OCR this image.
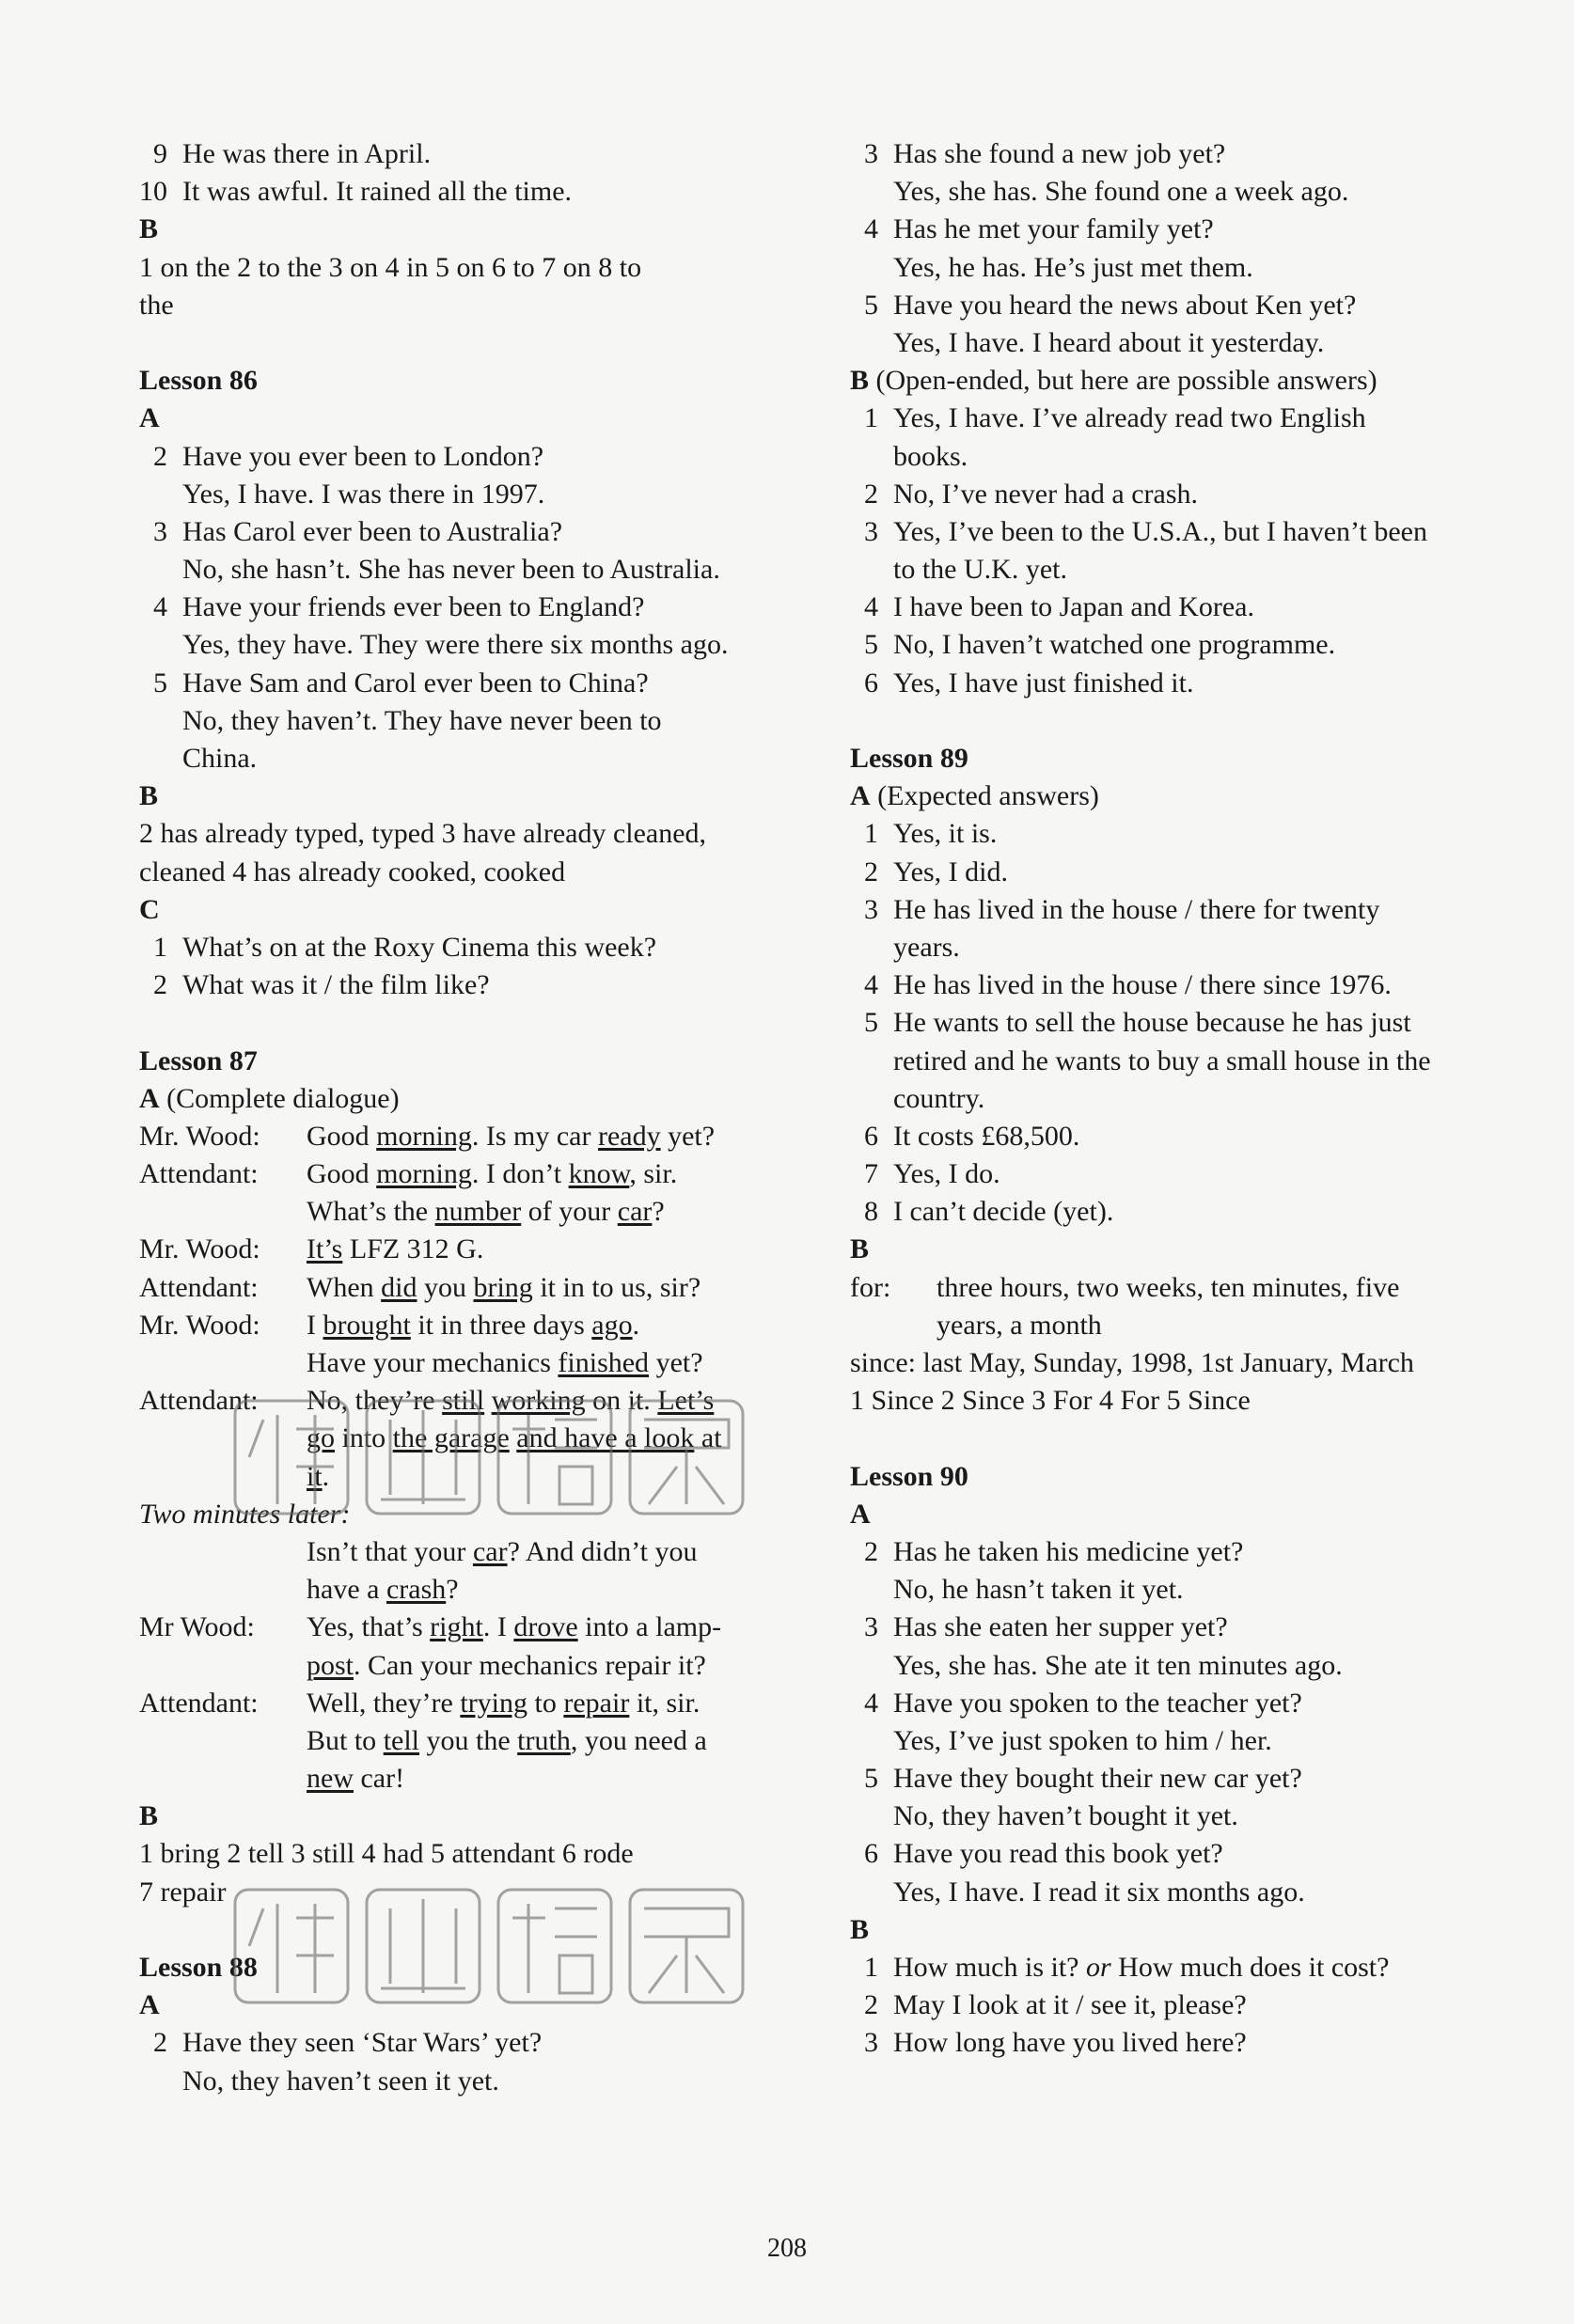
9 He was there in April.
10 It was awful. It rained all the time.
B
1 on the 2 to the 3 on 4 in 5 on 6 to 7 on 8 to
the
Lesson 86
A
2 Have you ever been to London?
Yes, I have. I was there in 1997.
3 Has Carol ever been to Australia?
No, she hasn’t. She has never been to Australia.
4 Have your friends ever been to England?
Yes, they have. They were there six months ago.
5 Have Sam and Carol ever been to China?
No, they haven’t. They have never been to
China.
B
2 has already typed, typed 3 have already cleaned,
cleaned 4 has already cooked, cooked
C
1 What’s on at the Roxy Cinema this week?
2 What was it / the film like?
Lesson 87
A (Complete dialogue)
Mr. Wood: Good morning. Is my car ready yet?
Attendant: Good morning. I don’t know, sir.
What’s the number of your car?
Mr. Wood: It’s LFZ 312 G.
Attendant: When did you bring it in to us, sir?
Mr. Wood: I brought it in three days ago.
Have your mechanics finished yet?
Attendant: No, they’re still working on it. Let’s
go into the garage and have a look at
it.
Two minutes later:
Isn’t that your car? And didn’t you
have a crash?
Mr Wood: Yes, that’s right. I drove into a lamp-
post. Can your mechanics repair it?
Attendant: Well, they’re trying to repair it, sir.
But to tell you the truth, you need a
new car!
B
1 bring 2 tell 3 still 4 had 5 attendant 6 rode
7 repair
Lesson 88
A
2 Have they seen ‘Star Wars’ yet?
No, they haven’t seen it yet.
3 Has she found a new job yet?
Yes, she has. She found one a week ago.
4 Has he met your family yet?
Yes, he has. He’s just met them.
5 Have you heard the news about Ken yet?
Yes, I have. I heard about it yesterday.
B (Open-ended, but here are possible answers)
1 Yes, I have. I’ve already read two English
books.
2 No, I’ve never had a crash.
3 Yes, I’ve been to the U.S.A., but I haven’t been
to the U.K. yet.
4 I have been to Japan and Korea.
5 No, I haven’t watched one programme.
6 Yes, I have just finished it.
Lesson 89
A (Expected answers)
1 Yes, it is.
2 Yes, I did.
3 He has lived in the house / there for twenty
years.
4 He has lived in the house / there since 1976.
5 He wants to sell the house because he has just
retired and he wants to buy a small house in the
country.
6 It costs £68,500.
7 Yes, I do.
8 I can’t decide (yet).
B
for: three hours, two weeks, ten minutes, five
years, a month
since: last May, Sunday, 1998, 1st January, March
1 Since 2 Since 3 For 4 For 5 Since
Lesson 90
A
2 Has he taken his medicine yet?
No, he hasn’t taken it yet.
3 Has she eaten her supper yet?
Yes, she has. She ate it ten minutes ago.
4 Have you spoken to the teacher yet?
Yes, I’ve just spoken to him / her.
5 Have they bought their new car yet?
No, they haven’t bought it yet.
6 Have you read this book yet?
Yes, I have. I read it six months ago.
B
1 How much is it? or How much does it cost?
2 May I look at it / see it, please?
3 How long have you lived here?
208
